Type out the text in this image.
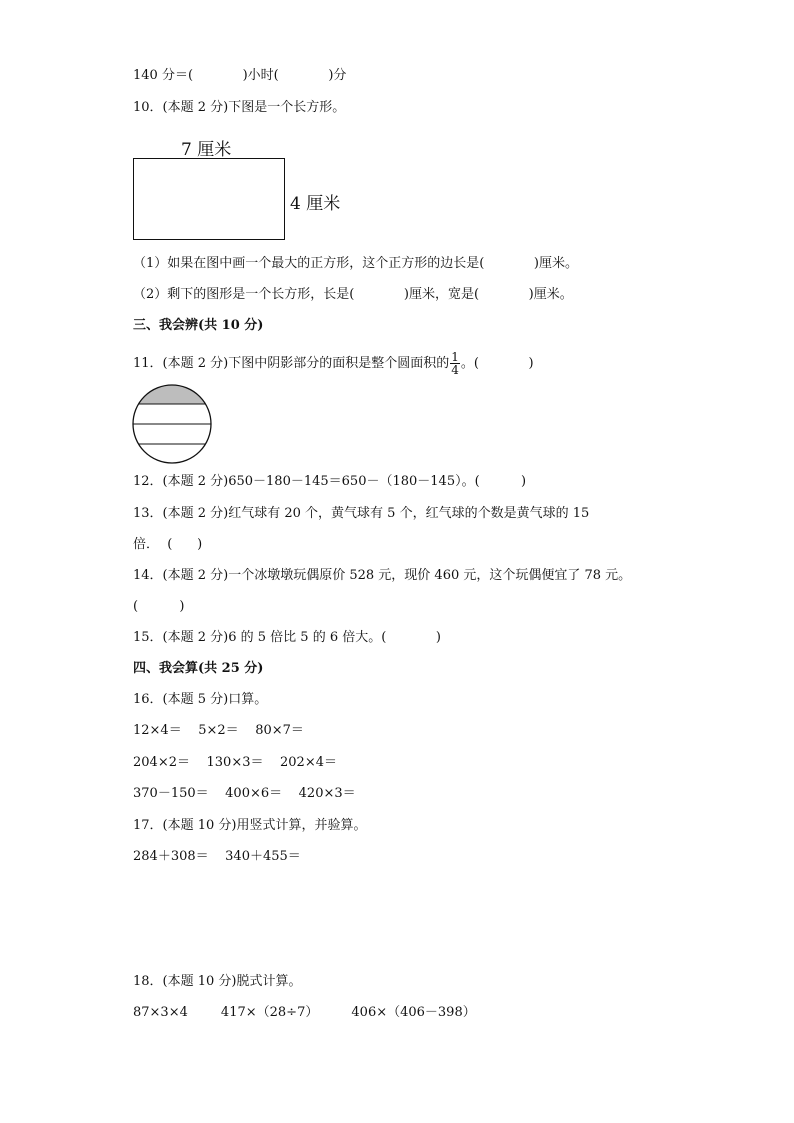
140 分＝(            )小时(            )分
10．(本题 2 分)下图是一个长方形。
7 厘米
4 厘米
（1）如果在图中画一个最大的正方形，这个正方形的边长是(            )厘米。
（2）剩下的图形是一个长方形，长是(            )厘米，宽是(            )厘米。
三、我会辨(共 10 分)
11．(本题 2 分)下图中阴影部分的面积是整个圆面积的 $\frac{1}{4}$ 。(            )
12．(本题 2 分)650－180－145＝650－（180－145）。(          )
13．(本题 2 分)红气球有 20 个，黄气球有 5 个，红气球的个数是黄气球的 15
倍．  (      )
14．(本题 2 分)一个冰墩墩玩偶原价 528 元，现价 460 元，这个玩偶便宜了 78 元。
(          )
15．(本题 2 分)6 的 5 倍比 5 的 6 倍大。(            )
四、我会算(共 25 分)
16．(本题 5 分)口算。
12×4＝    5×2＝    80×7＝
204×2＝    130×3＝    202×4＝
370－150＝    400×6＝    420×3＝
17．(本题 10 分)用竖式计算，并验算。
284＋308＝    340＋455＝
18．(本题 10 分)脱式计算。
87×3×4        417×（28÷7）        406×（406－398）
